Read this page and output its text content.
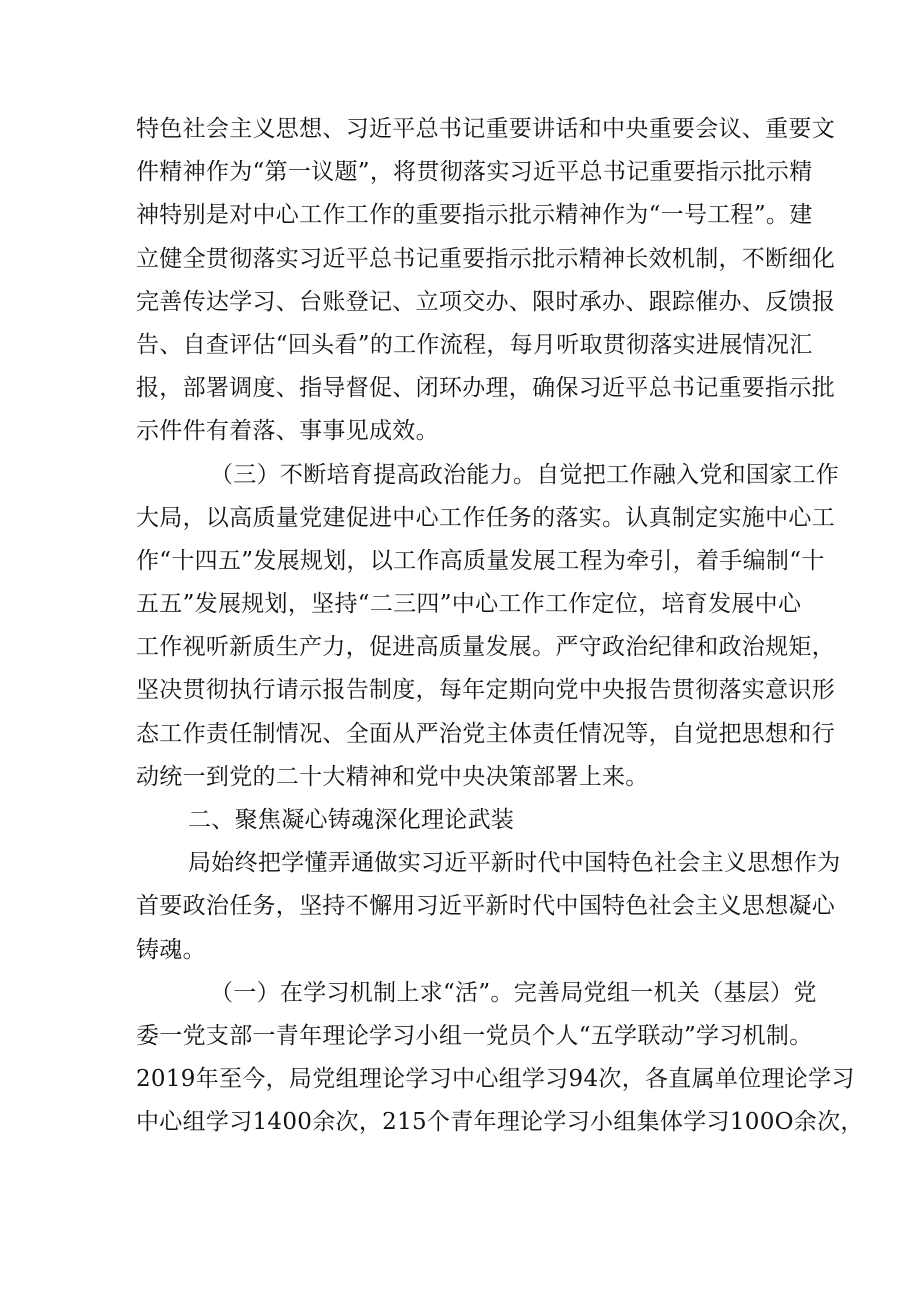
特色社会主义思想、习近平总书记重要讲话和中央重要会议、重要文
件精神作为“第一议题”，将贯彻落实习近平总书记重要指示批示精
神特别是对中心工作工作的重要指示批示精神作为“一号工程”。建
立健全贯彻落实习近平总书记重要指示批示精神长效机制，不断细化
完善传达学习、台账登记、立项交办、限时承办、跟踪催办、反馈报
告、自查评估“回头看”的工作流程，每月听取贯彻落实进展情况汇
报，部署调度、指导督促、闭环办理，确保习近平总书记重要指示批
示件件有着落、事事见成效。
（三）不断培育提高政治能力。自觉把工作融入党和国家工作
大局，以高质量党建促进中心工作任务的落实。认真制定实施中心工
作“十四五”发展规划，以工作高质量发展工程为牵引，着手编制“十
五五”发展规划，坚持“二三四”中心工作工作定位，培育发展中心
工作视听新质生产力，促进高质量发展。严守政治纪律和政治规矩，
坚决贯彻执行请示报告制度，每年定期向党中央报告贯彻落实意识形
态工作责任制情况、全面从严治党主体责任情况等，自觉把思想和行
动统一到党的二十大精神和党中央决策部署上来。
二、聚焦凝心铸魂深化理论武装
局始终把学懂弄通做实习近平新时代中国特色社会主义思想作为
首要政治任务，坚持不懈用习近平新时代中国特色社会主义思想凝心
铸魂。
（一）在学习机制上求“活”。完善局党组一机关（基层）党
委一党支部一青年理论学习小组一党员个人“五学联动”学习机制。
2019年至今，局党组理论学习中心组学习94次，各直属单位理论学习
中心组学习1400余次，215个青年理论学习小组集体学习100O余次，
